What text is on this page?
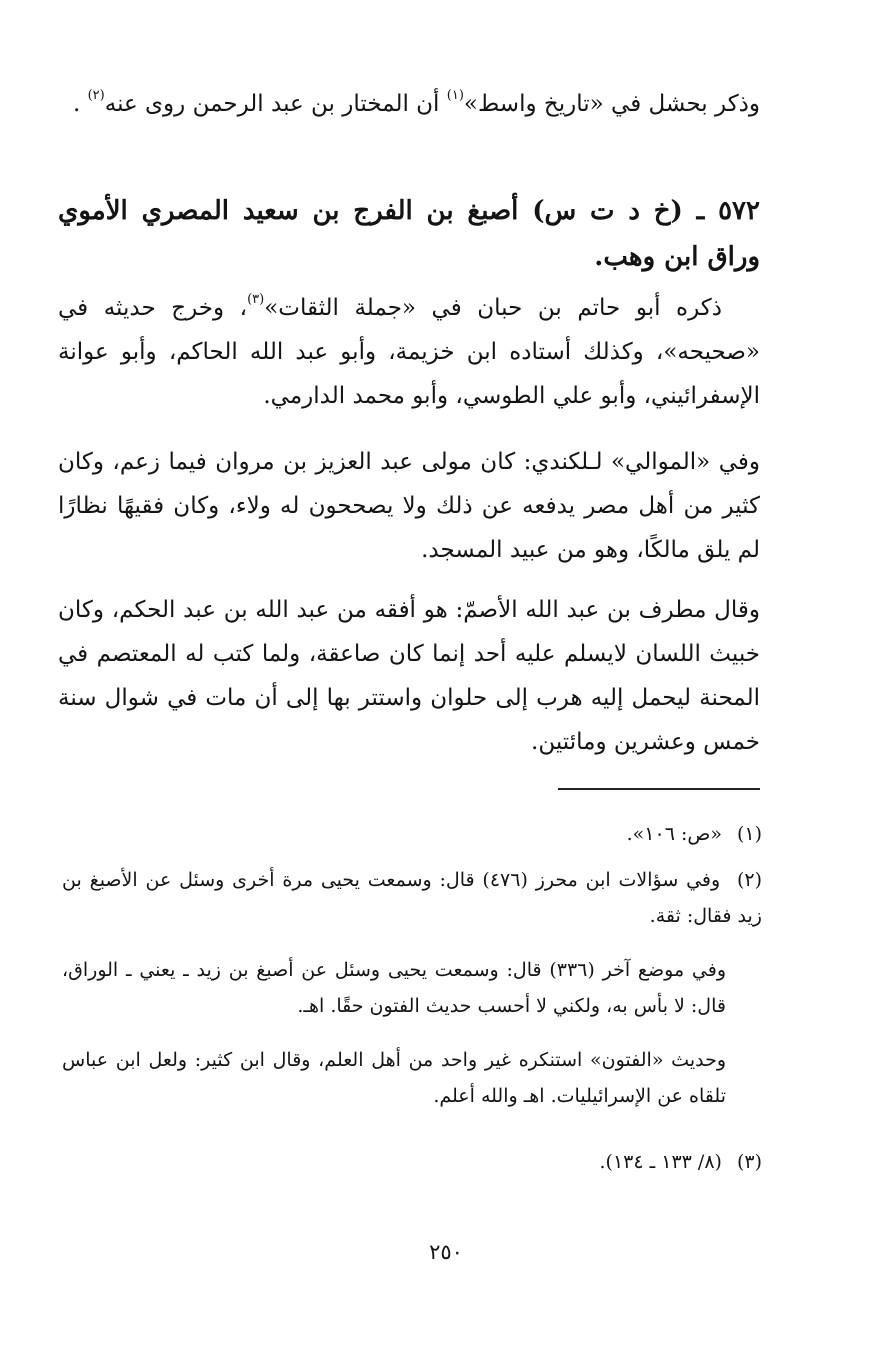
وذكر بحشل في «تاريخ واسط»$^{(١)}$ أن المختار بن عبد الرحمن روى عنه$^{(٢)}$ .
٥٧٢ ـ (خ د ت س) أصبغ بن الفرج بن سعيد المصري الأموي وراق ابن وهب.
ذكره أبو حاتم بن حبان في «جملة الثقات»$^{(٣)}$، وخرج حديثه في «صحيحه»، وكذلك أستاده ابن خزيمة، وأبو عبد الله الحاكم، وأبو عوانة الإسفرائيني، وأبو علي الطوسي، وأبو محمد الدارمي.
وفي «الموالي» لـلكندي: كان مولى عبد العزيز بن مروان فيما زعم، وكان كثير من أهل مصر يدفعه عن ذلك ولا يصححون له ولاء، وكان فقيهًا نظارًا لم يلق مالكًا، وهو من عبيد المسجد.
وقال مطرف بن عبد الله الأصمّ: هو أفقه من عبد الله بن عبد الحكم، وكان خبيث اللسان لايسلم عليه أحد إنما كان صاعقة، ولما كتب له المعتصم في المحنة ليحمل إليه هرب إلى حلوان واستتر بها إلى أن مات في شوال سنة خمس وعشرين ومائتين.
(١) «ص: ١٠٦».
(٢) وفي سؤالات ابن محرز (٤٧٦) قال: وسمعت يحيى مرة أخرى وسئل عن الأصبغ بن زيد فقال: ثقة.
وفي موضع آخر (٣٣٦) قال: وسمعت يحيى وسئل عن أصبغ بن زيد ـ يعني ـ الوراق، قال: لا بأس به، ولكني لا أحسب حديث الفتون حقًا. اهـ.
وحديث «الفتون» استنكره غير واحد من أهل العلم، وقال ابن كثير: ولعل ابن عباس تلقاه عن الإسرائيليات. اهـ والله أعلم.
(٣) (٨/ ١٣٣ ـ ١٣٤).
٢٥٠
